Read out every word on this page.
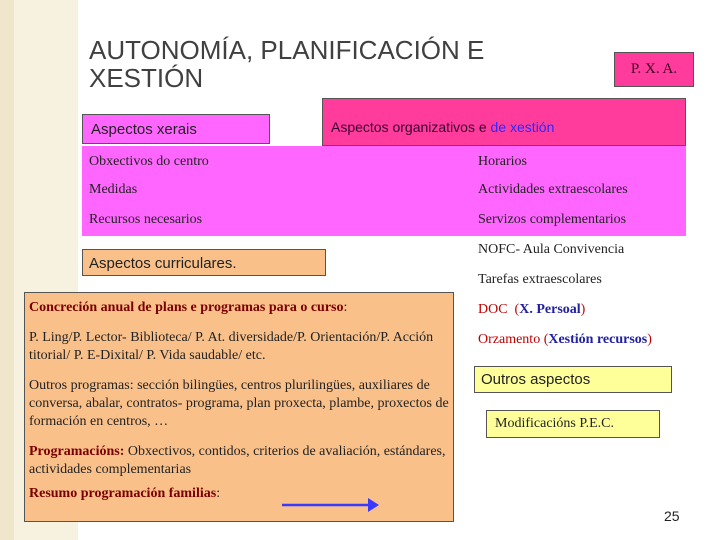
AUTONOMÍA, PLANIFICACIÓN E XESTIÓN	P. X. A.
Aspectos xerais	Aspectos organizativos e de xestión
Obxectivos do centro
Medidas
Recursos necesarios
Horarios
Actividades extraescolares
Servizos complementarios
NOFC- Aula Convivencia
Tarefas extraescolares
Aspectos curriculares.

Concreción anual de plans e programas para o curso:

P. Ling/P. Lector- Biblioteca/ P. At. diversidade/P. Orientación/P. Acción titorial/ P. E-Dixital/ P. Vida saudable/ etc.

Outros programas: sección bilingües, centros plurilingües, auxiliares de conversa, abalar, contratos- programa, plan proxecta, plambe, proxectos de formación en centros, …

Programacións: Obxectivos, contidos, criterios de avaliación, estándares, actividades complementarias

Resumo programación familias:

DOC  (X. Persoal)
Orzamento (Xestión recursos)
Outros aspectos
Modificacións P.E.C.
25
